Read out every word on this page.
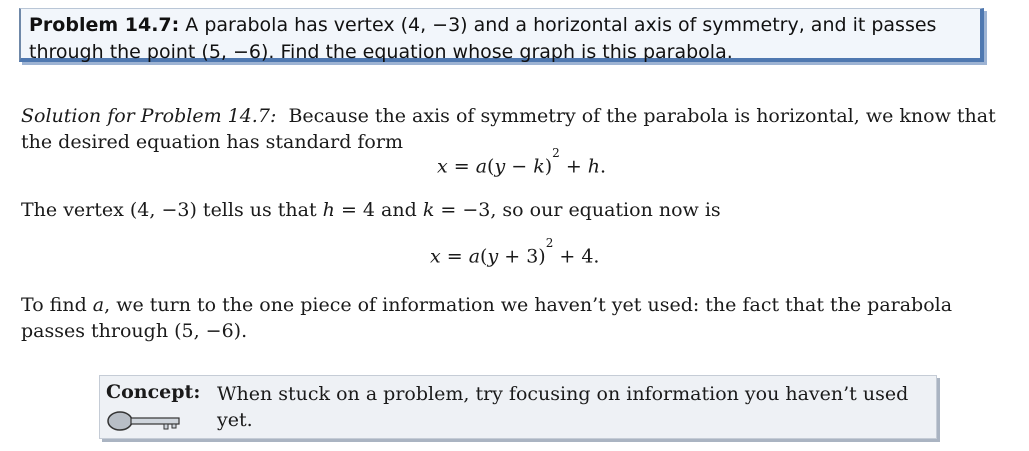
Problem 14.7: A parabola has vertex (4, −3) and a horizontal axis of symmetry, and it passes through the point (5, −6). Find the equation whose graph is this parabola.

Solution for Problem 14.7: Because the axis of symmetry of the parabola is horizontal, we know that the desired equation has standard form

$x = a(y - k)^2 + h$.

The vertex (4, −3) tells us that h = 4 and k = −3, so our equation now is

$x = a(y + 3)^2 + 4$.

To find a, we turn to the one piece of information we haven’t yet used: the fact that the parabola passes through (5, −6).

Concept: When stuck on a problem, try focusing on information you haven’t used yet.
